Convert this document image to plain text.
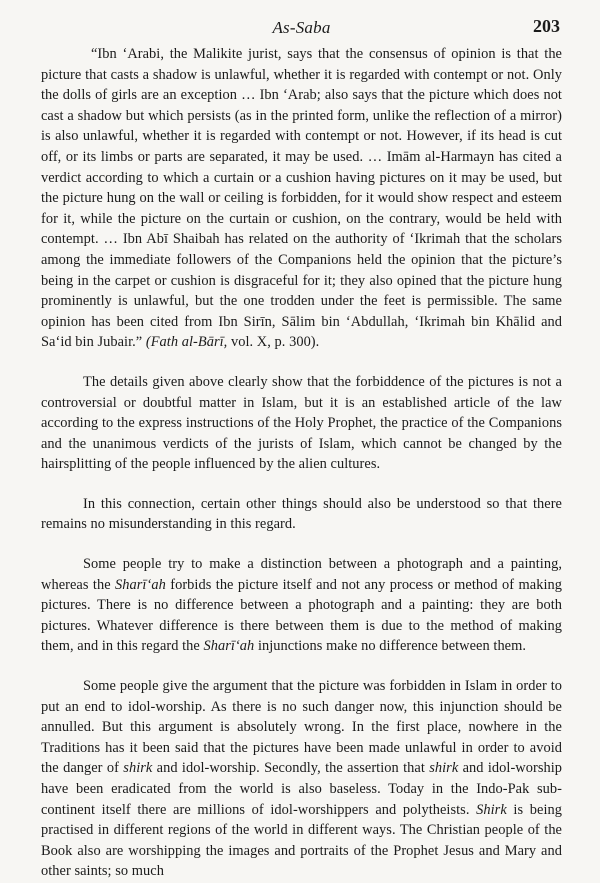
As-Saba	203

“Ibn ‘Arabi, the Malikite jurist, says that the consensus of opinion is that the picture that casts a shadow is unlawful, whether it is regarded with contempt or not. Only the dolls of girls are an exception … Ibn ‘Arab; also says that the picture which does not cast a shadow but which persists (as in the printed form, unlike the reflection of a mirror) is also unlawful, whether it is regarded with contempt or not. However, if its head is cut off, or its limbs or parts are separated, it may be used. … Imām al-Harmayn has cited a verdict according to which a curtain or a cushion having pictures on it may be used, but the picture hung on the wall or ceiling is forbidden, for it would show respect and esteem for it, while the picture on the curtain or cushion, on the contrary, would be held with contempt. … Ibn Abī Shaibah has related on the authority of ‘Ikrimah that the scholars among the immediate followers of the Companions held the opinion that the picture’s being in the carpet or cushion is disgraceful for it; they also opined that the picture hung prominently is unlawful, but the one trodden under the feet is permissible. The same opinion has been cited from Ibn Sirīn, Sālim bin ‘Abdullah, ‘Ikrimah bin Khālid and Sa‘id bin Jubair.” (Fath al-Bārī, vol. X, p. 300).

The details given above clearly show that the forbiddence of the pictures is not a controversial or doubtful matter in Islam, but it is an established article of the law according to the express instructions of the Holy Prophet, the practice of the Companions and the unanimous verdicts of the jurists of Islam, which cannot be changed by the hairsplitting of the people influenced by the alien cultures.

In this connection, certain other things should also be understood so that there remains no misunderstanding in this regard.

Some people try to make a distinction between a photograph and a painting, whereas the Sharī‘ah forbids the picture itself and not any process or method of making pictures. There is no difference between a photograph and a painting: they are both pictures. Whatever difference is there between them is due to the method of making them, and in this regard the Sharī‘ah injunctions make no difference between them.

Some people give the argument that the picture was forbidden in Islam in order to put an end to idol-worship. As there is no such danger now, this injunction should be annulled. But this argument is absolutely wrong. In the first place, nowhere in the Traditions has it been said that the pictures have been made unlawful in order to avoid the danger of shirk and idol-worship. Secondly, the assertion that shirk and idol-worship have been eradicated from the world is also baseless. Today in the Indo-Pak sub-continent itself there are millions of idol-worshippers and polytheists. Shirk is being practised in different regions of the world in different ways. The Christian people of the Book also are worshipping the images and portraits of the Prophet Jesus and Mary and other saints; so much
